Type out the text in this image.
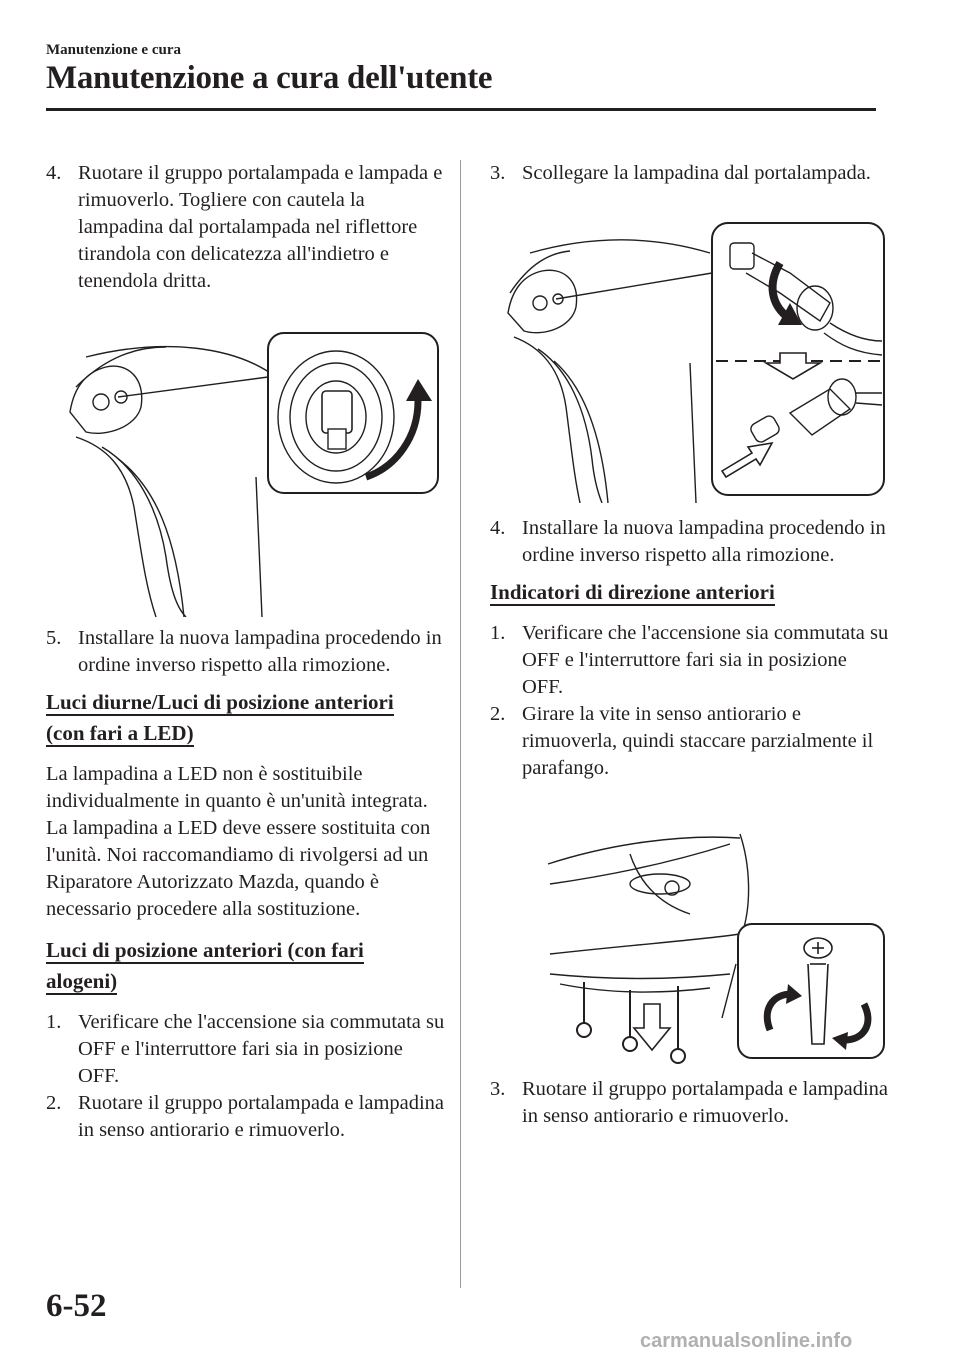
Manutenzione e cura
Manutenzione a cura dell'utente
4. Ruotare il gruppo portalampada e lampada e rimuoverlo. Togliere con cautela la lampadina dal portalampada nel riflettore tirandola con delicatezza all'indietro e tenendola dritta.
5. Installare la nuova lampadina procedendo in ordine inverso rispetto alla rimozione.
Luci diurne/Luci di posizione anteriori
(con fari a LED)

La lampadina a LED non è sostituibile individualmente in quanto è un'unità integrata.
La lampadina a LED deve essere sostituita con l'unità. Noi raccomandiamo di rivolgersi ad un Riparatore Autorizzato Mazda, quando è necessario procedere alla sostituzione.

Luci di posizione anteriori (con fari
alogeni)
1. Verificare che l'accensione sia commutata su OFF e l'interruttore fari sia in posizione OFF.
2. Ruotare il gruppo portalampada e lampadina in senso antiorario e rimuoverlo.
3. Scollegare la lampadina dal portalampada.
4. Installare la nuova lampadina procedendo in ordine inverso rispetto alla rimozione.
Indicatori di direzione anteriori
1. Verificare che l'accensione sia commutata su OFF e l'interruttore fari sia in posizione OFF.
2. Girare la vite in senso antiorario e rimuoverla, quindi staccare parzialmente il parafango.
3. Ruotare il gruppo portalampada e lampadina in senso antiorario e rimuoverlo.
6-52
carmanualsonline.info
